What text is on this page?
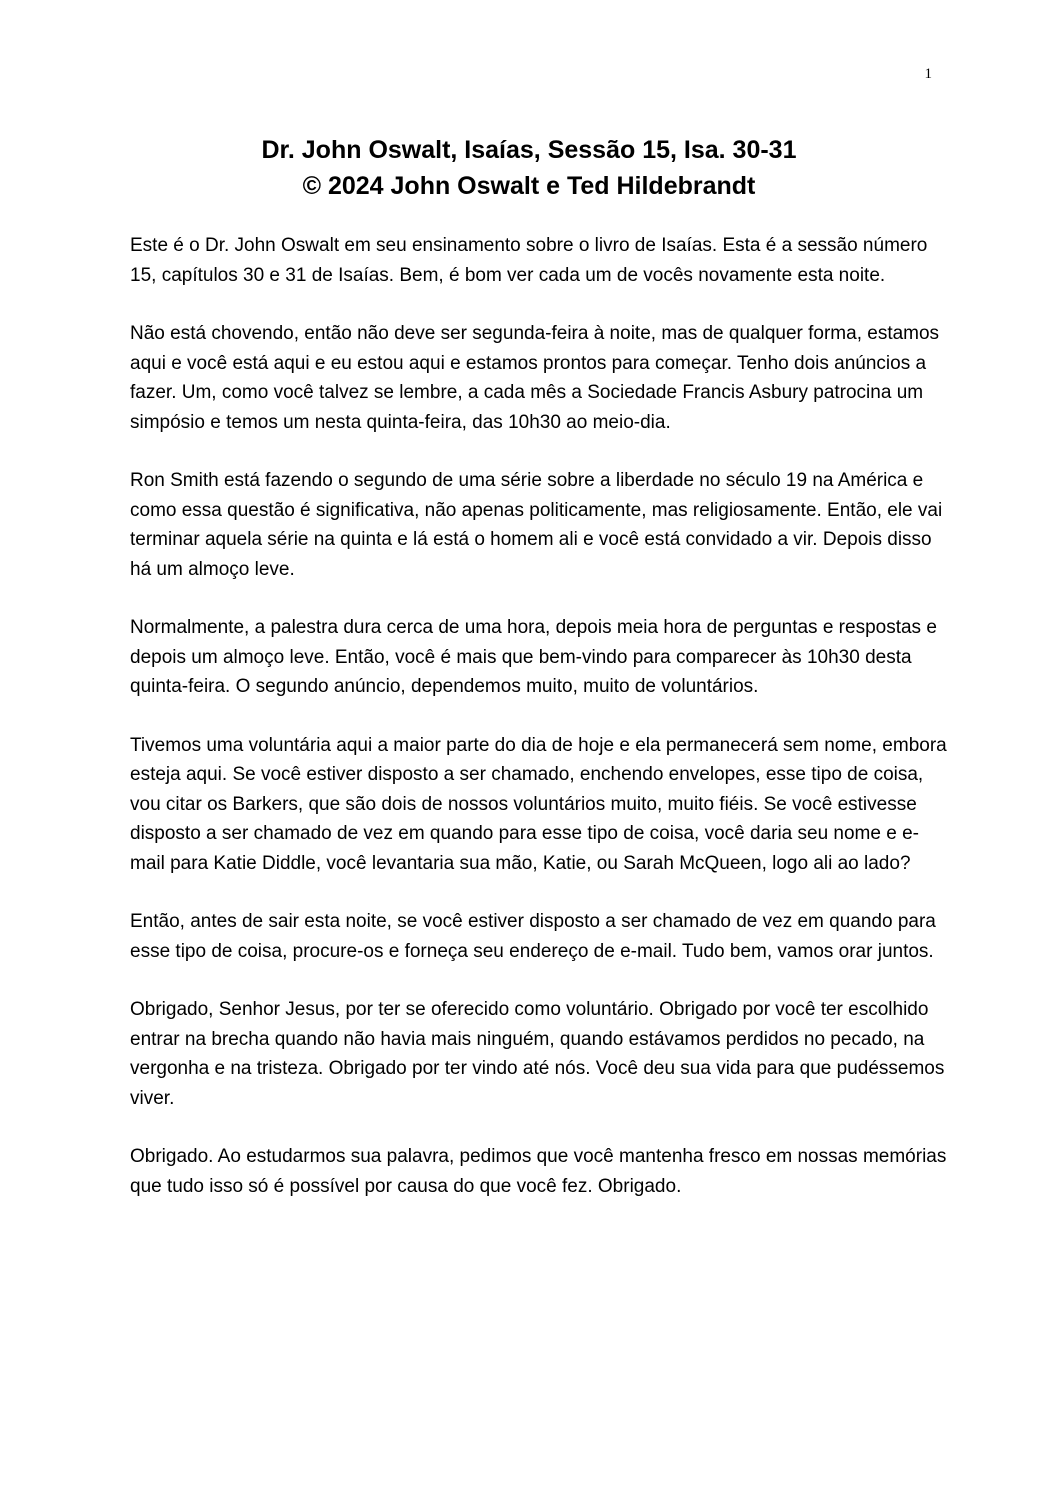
1
Dr. John Oswalt, Isaías, Sessão 15, Isa. 30-31
© 2024 John Oswalt e Ted Hildebrandt

Este é o Dr. John Oswalt em seu ensinamento sobre o livro de Isaías. Esta é a sessão número 15, capítulos 30 e 31 de Isaías. Bem, é bom ver cada um de vocês novamente esta noite.

Não está chovendo, então não deve ser segunda-feira à noite, mas de qualquer forma, estamos aqui e você está aqui e eu estou aqui e estamos prontos para começar. Tenho dois anúncios a fazer. Um, como você talvez se lembre, a cada mês a Sociedade Francis Asbury patrocina um simpósio e temos um nesta quinta-feira, das 10h30 ao meio-dia.

Ron Smith está fazendo o segundo de uma série sobre a liberdade no século 19 na América e como essa questão é significativa, não apenas politicamente, mas religiosamente. Então, ele vai terminar aquela série na quinta e lá está o homem ali e você está convidado a vir. Depois disso há um almoço leve.

Normalmente, a palestra dura cerca de uma hora, depois meia hora de perguntas e respostas e depois um almoço leve. Então, você é mais que bem-vindo para comparecer às 10h30 desta quinta-feira. O segundo anúncio, dependemos muito, muito de voluntários.

Tivemos uma voluntária aqui a maior parte do dia de hoje e ela permanecerá sem nome, embora esteja aqui. Se você estiver disposto a ser chamado, enchendo envelopes, esse tipo de coisa, vou citar os Barkers, que são dois de nossos voluntários muito, muito fiéis. Se você estivesse disposto a ser chamado de vez em quando para esse tipo de coisa, você daria seu nome e e-mail para Katie Diddle, você levantaria sua mão, Katie, ou Sarah McQueen, logo ali ao lado?

Então, antes de sair esta noite, se você estiver disposto a ser chamado de vez em quando para esse tipo de coisa, procure-os e forneça seu endereço de e-mail. Tudo bem, vamos orar juntos.

Obrigado, Senhor Jesus, por ter se oferecido como voluntário. Obrigado por você ter escolhido entrar na brecha quando não havia mais ninguém, quando estávamos perdidos no pecado, na vergonha e na tristeza. Obrigado por ter vindo até nós. Você deu sua vida para que pudéssemos viver.

Obrigado. Ao estudarmos sua palavra, pedimos que você mantenha fresco em nossas memórias que tudo isso só é possível por causa do que você fez. Obrigado.
